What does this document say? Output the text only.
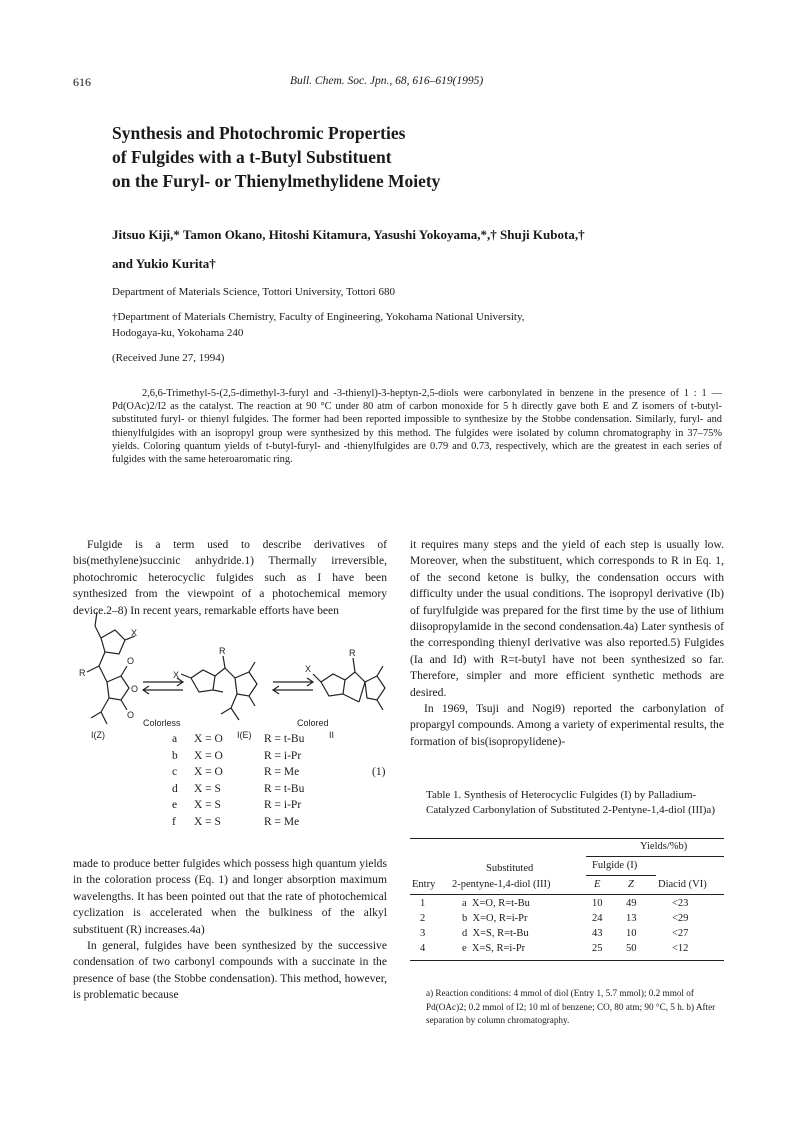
616	Bull. Chem. Soc. Jpn., 68, 616–619(1995)
Synthesis and Photochromic Properties
of Fulgides with a t-Butyl Substituent
on the Furyl- or Thienylmethylidene Moiety
Jitsuo Kiji,* Tamon Okano, Hitoshi Kitamura, Yasushi Yokoyama,*,† Shuji Kubota,†
and Yukio Kurita†
Department of Materials Science, Tottori University, Tottori 680
†Department of Materials Chemistry, Faculty of Engineering, Yokohama National University,
Hodogaya-ku, Yokohama 240
(Received June 27, 1994)

2,6,6-Trimethyl-5-(2,5-dimethyl-3-furyl and -3-thienyl)-3-heptyn-2,5-diols were carbonylated in benzene in the presence of 1 : 1 — Pd(OAc)2/I2 as the catalyst. The reaction at 90 °C under 80 atm of carbon monoxide for 5 h directly gave both E and Z isomers of t-butyl-substituted furyl- or thienyl fulgides. The former had been reported impossible to synthesize by the Stobbe condensation. Similarly, furyl- and thienylfulgides with an isopropyl group were synthesized by this method. The fulgides were isolated by column chromatography in 37–75% yields. Coloring quantum yields of t-butyl-furyl- and -thienylfulgides are 0.79 and 0.73, respectively, which are the greatest in each series of fulgides with the same heteroaromatic ring.

Fulgide is a term used to describe derivatives of bis(methylene)succinic anhydride.1) Thermally irreversible, photochromic heterocyclic fulgides such as I have been synthesized from the viewpoint of a photochemical memory device.2–8) In recent years, remarkable efforts have been

X
R
O
O
O
X
R
X
R
I(Z)
Colorless
I(E)
Colored
II
a	X = O	R = t-Bu
b	X = O	R = i-Pr
c	X = O	R = Me
d	X = S	R = t-Bu
e	X = S	R = i-Pr
f	X = S	R = Me
(1)

made to produce better fulgides which possess high quantum yields in the coloration process (Eq. 1) and longer absorption maximum wavelengths. It has been pointed out that the rate of photochemical cyclization is accelerated when the bulkiness of the alkyl substituent (R) increases.4a)

In general, fulgides have been synthesized by the successive condensation of two carbonyl compounds with a succinate in the presence of base (the Stobbe condensation). This method, however, is problematic because

it requires many steps and the yield of each step is usually low. Moreover, when the substituent, which corresponds to R in Eq. 1, of the second ketone is bulky, the condensation occurs with difficulty under the usual conditions. The isopropyl derivative (Ib) of furylfulgide was prepared for the first time by the use of lithium diisopropylamide in the second condensation.4a) Later synthesis of the corresponding thienyl derivative was also reported.5) Fulgides (Ia and Id) with R=t-butyl have not been synthesized so far. Therefore, simpler and more efficient synthetic methods are desired.

In 1969, Tsuji and Nogi9) reported the carbonylation of propargyl compounds. Among a variety of experimental results, the formation of bis(isopropylidene)-

Table 1. Synthesis of Heterocyclic Fulgides (I) by Palladium-Catalyzed Carbonylation of Substituted 2-Pentyne-1,4-diol (III)a)
Yields/%b)
Substituted	Fulgide (I)
Entry 2-pentyne-1,4-diol (III)	E	Z Diacid (VI)
1	a  X=O, R=t-Bu	10 49	<23
2	b  X=O, R=i-Pr	24 13	<29
3	d  X=S, R=t-Bu	43 10	<27
4	e  X=S, R=i-Pr	25 50	<12
a) Reaction conditions: 4 mmol of diol (Entry 1, 5.7 mmol); 0.2 mmol of Pd(OAc)2; 0.2 mmol of I2; 10 ml of benzene; CO, 80 atm; 90 °C, 5 h. b) After separation by column chromatography.
